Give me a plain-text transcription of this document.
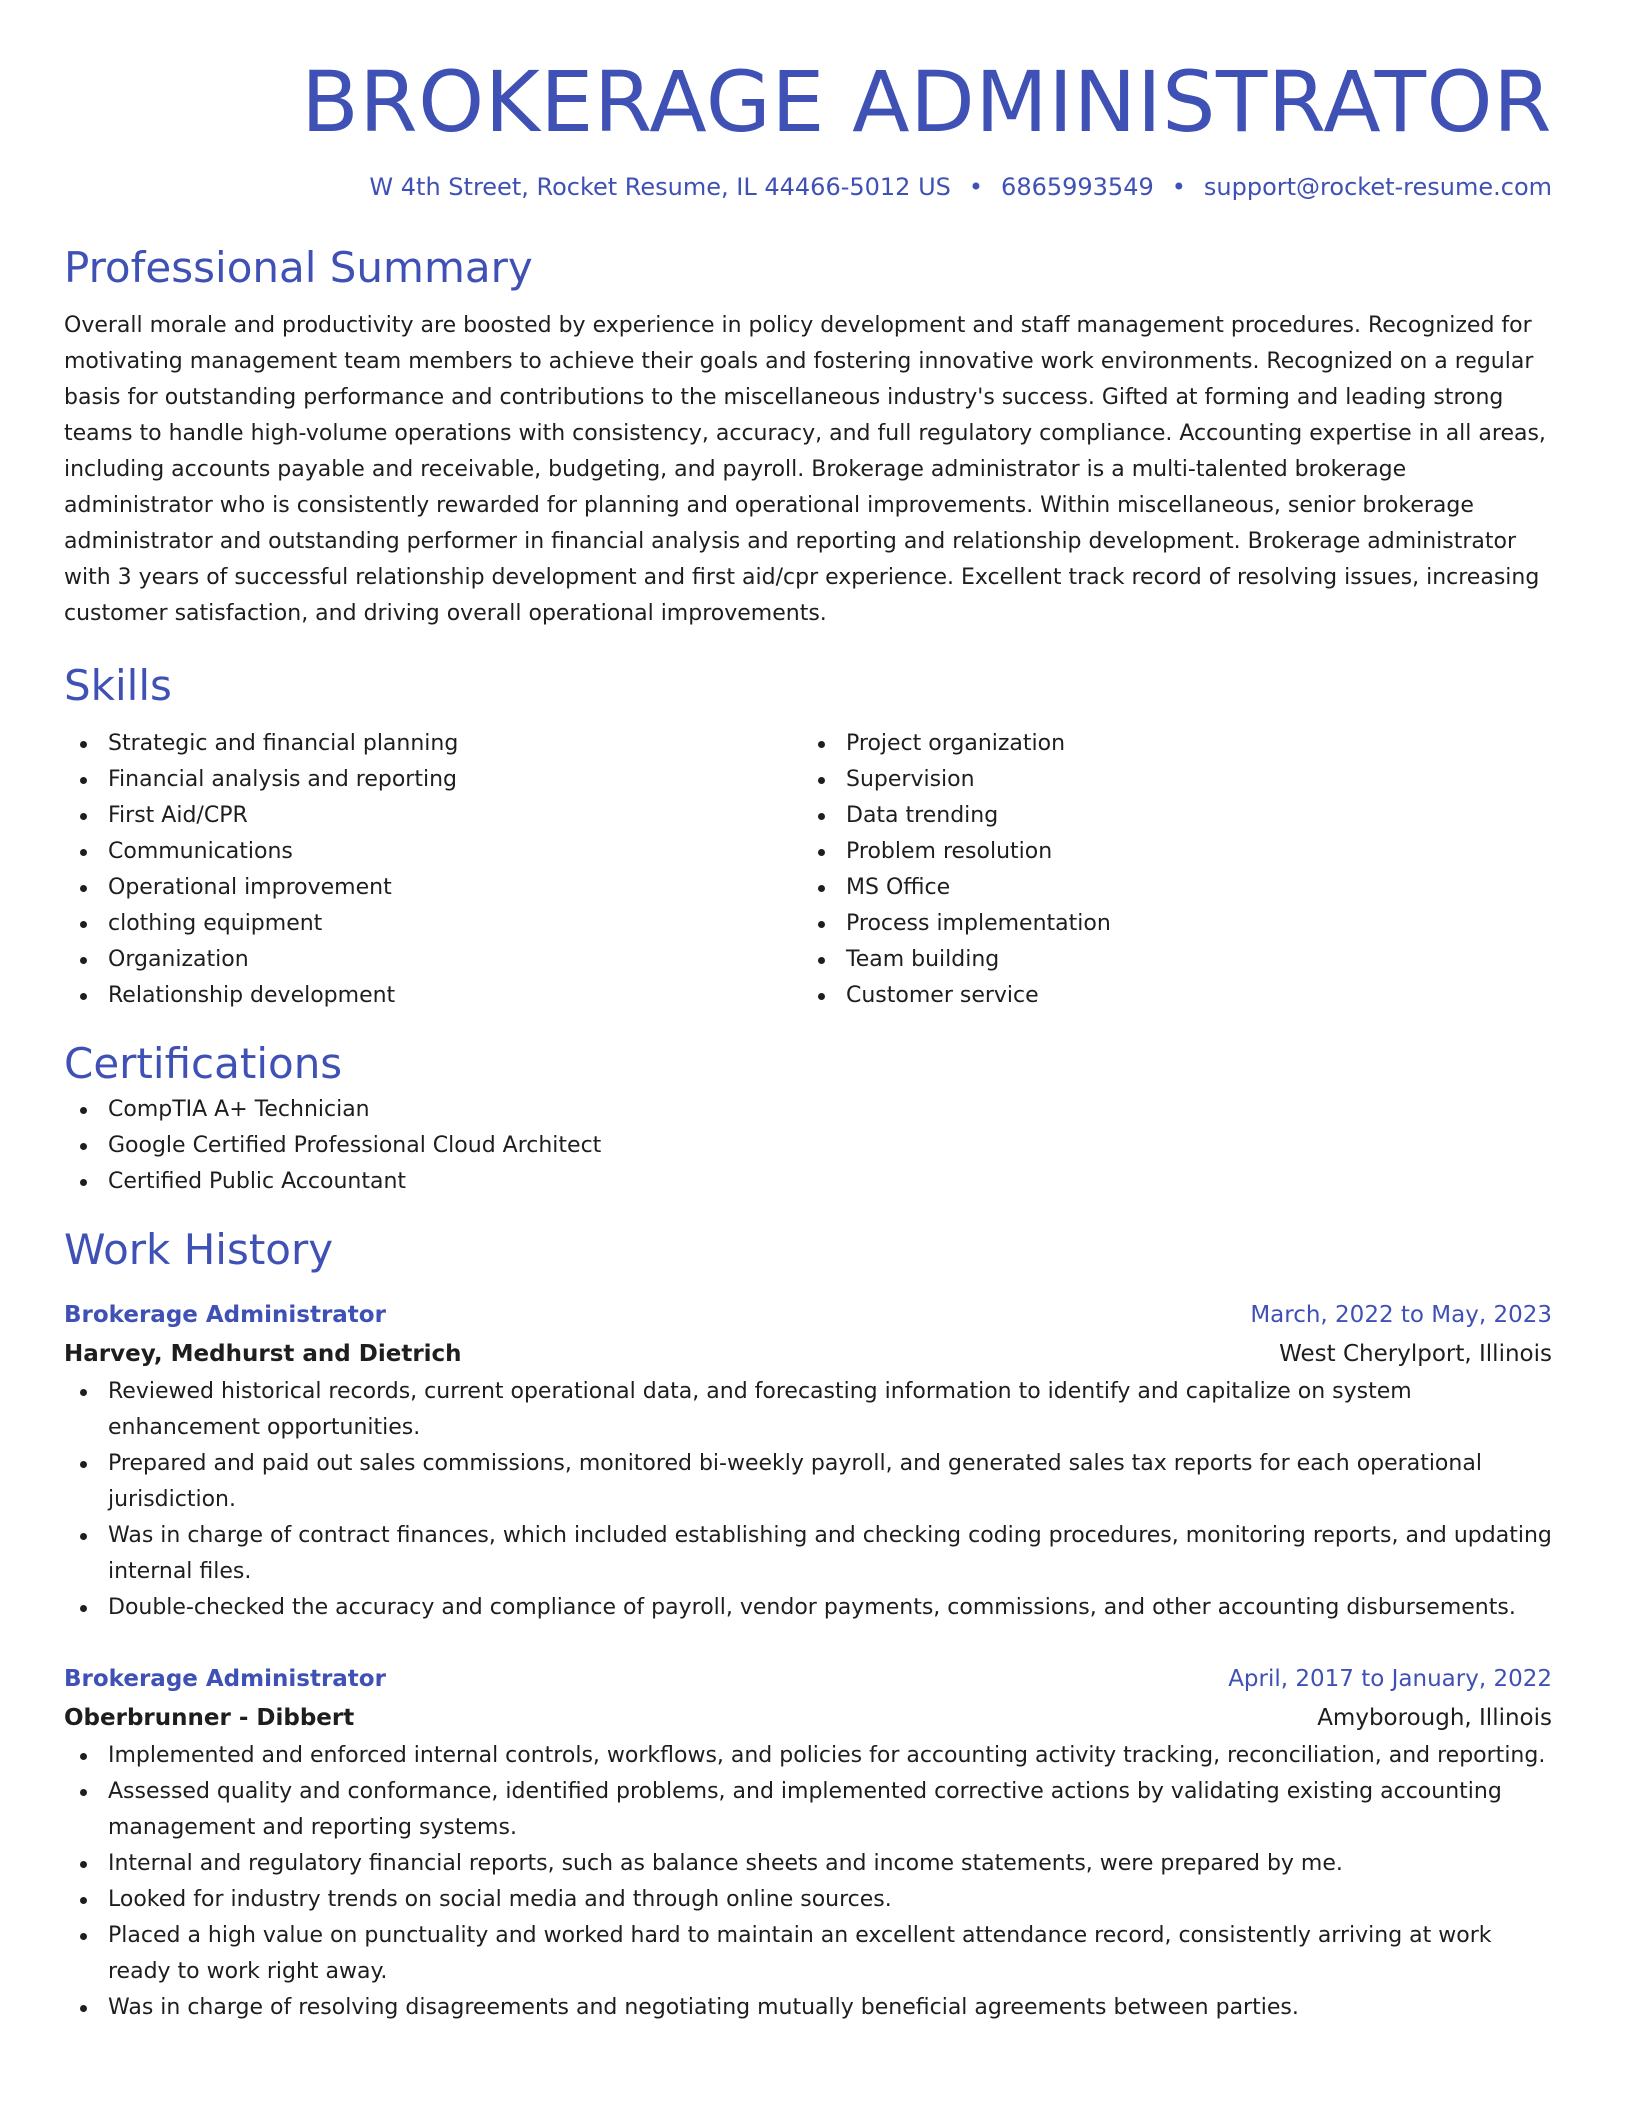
BROKERAGE ADMINISTRATOR
W 4th Street, Rocket Resume, IL 44466-5012 US • 6865993549 • support@rocket-resume.com
Professional Summary

Overall morale and productivity are boosted by experience in policy development and staff management procedures. Recognized for motivating management team members to achieve their goals and fostering innovative work environments. Recognized on a regular basis for outstanding performance and contributions to the miscellaneous industry's success. Gifted at forming and leading strong teams to handle high-volume operations with consistency, accuracy, and full regulatory compliance. Accounting expertise in all areas, including accounts payable and receivable, budgeting, and payroll. Brokerage administrator is a multi-talented brokerage administrator who is consistently rewarded for planning and operational improvements. Within miscellaneous, senior brokerage administrator and outstanding performer in financial analysis and reporting and relationship development. Brokerage administrator with 3 years of successful relationship development and first aid/cpr experience. Excellent track record of resolving issues, increasing customer satisfaction, and driving overall operational improvements.

Skills
Strategic and financial planning
Financial analysis and reporting
First Aid/CPR
Communications
Operational improvement
clothing equipment
Organization
Relationship development
Project organization
Supervision
Data trending
Problem resolution
MS Office
Process implementation
Team building
Customer service
Certifications
CompTIA A+ Technician
Google Certified Professional Cloud Architect
Certified Public Accountant
Work History
Brokerage Administrator	March, 2022 to May, 2023
Harvey, Medhurst and Dietrich	West Cherylport, Illinois
Reviewed historical records, current operational data, and forecasting information to identify and capitalize on system enhancement opportunities.
Prepared and paid out sales commissions, monitored bi-weekly payroll, and generated sales tax reports for each operational jurisdiction.
Was in charge of contract finances, which included establishing and checking coding procedures, monitoring reports, and updating internal files.
Double-checked the accuracy and compliance of payroll, vendor payments, commissions, and other accounting disbursements.
Brokerage Administrator	April, 2017 to January, 2022
Oberbrunner - Dibbert	Amyborough, Illinois
Implemented and enforced internal controls, workflows, and policies for accounting activity tracking, reconciliation, and reporting.
Assessed quality and conformance, identified problems, and implemented corrective actions by validating existing accounting management and reporting systems.
Internal and regulatory financial reports, such as balance sheets and income statements, were prepared by me.
Looked for industry trends on social media and through online sources.
Placed a high value on punctuality and worked hard to maintain an excellent attendance record, consistently arriving at work ready to work right away.
Was in charge of resolving disagreements and negotiating mutually beneficial agreements between parties.
